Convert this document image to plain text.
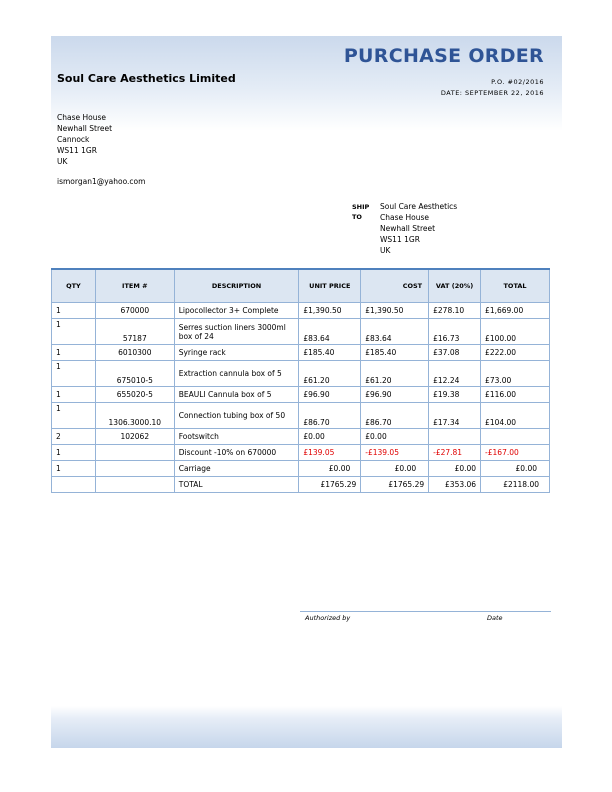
PURCHASE ORDER
Soul Care Aesthetics Limited	P.O. #02/2016
DATE: SEPTEMBER 22, 2016
Chase House
Newhall Street
Cannock
WS11 1GR
UK
ismorgan1@yahoo.com
SHIP
TO
Soul Care Aesthetics
Chase House
Newhall Street
WS11 1GR
UK
QTY	ITEM #	DESCRIPTION	UNIT PRICE	COST	VAT (20%)	TOTAL
1	670000	Lipocollector 3+ Complete	£1,390.50	£1,390.50	£278.10	£1,669.00
1	57187	Serres suction liners 3000ml box of 24	£83.64	£83.64	£16.73	£100.00
1	6010300	Syringe rack	£185.40	£185.40	£37.08	£222.00
1	675010-5	Extraction cannula box of 5	£61.20	£61.20	£12.24	£73.00
1	655020-5	BEAULI Cannula box of 5	£96.90	£96.90	£19.38	£116.00
1	1306.3000.10	Connection tubing box of 50	£86.70	£86.70	£17.34	£104.00
2	102062	Footswitch	£0.00	£0.00		
1		Discount -10% on 670000	£139.05	-£139.05	-£27.81	-£167.00
1		Carriage	£0.00	£0.00	£0.00	£0.00
		TOTAL	£1765.29	£1765.29	£353.06	£2118.00
Authorized by	Date
